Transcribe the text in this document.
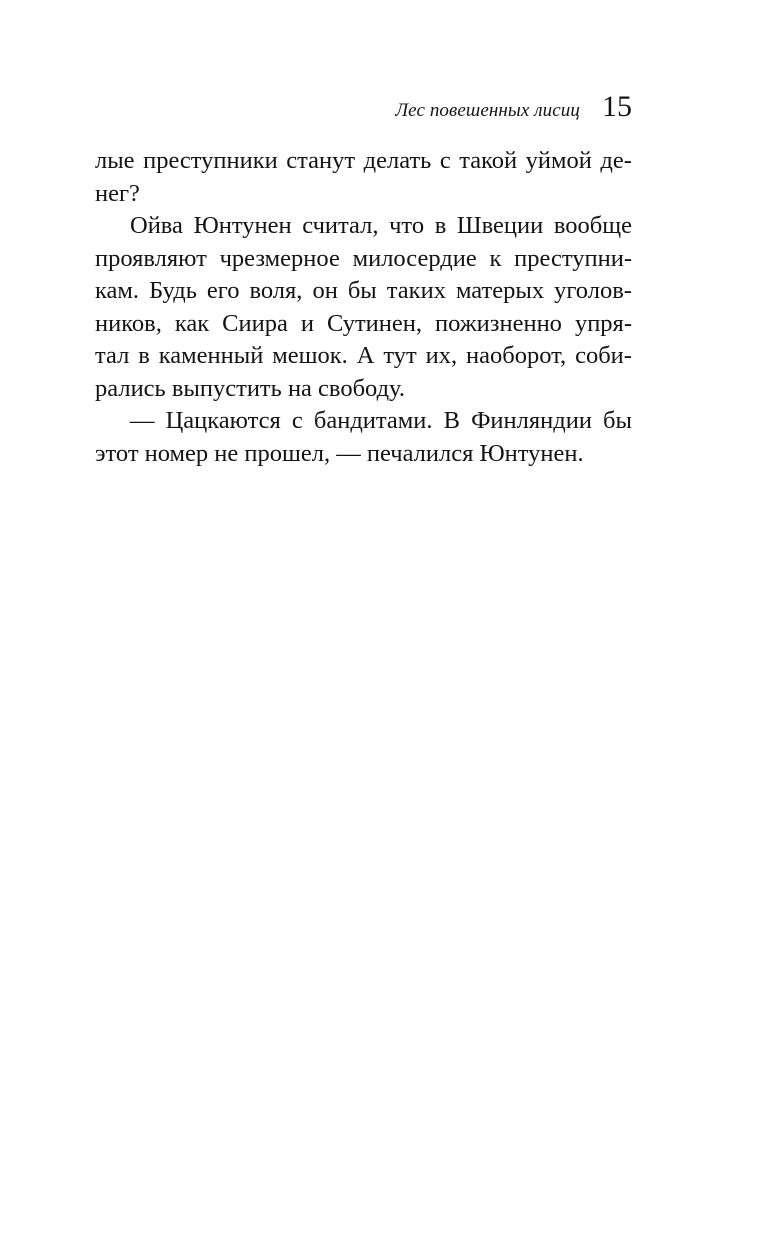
Лес повешенных лисиц 15
лые преступники станут делать с такой уймой де-
нег?
Ойва Юнтунен считал, что в Швеции вообще
проявляют чрезмерное милосердие к преступни-
кам. Будь его воля, он бы таких матерых уголов-
ников, как Сиира и Сутинен, пожизненно упря-
тал в каменный мешок. А тут их, наоборот, соби-
рались выпустить на свободу.
— Цацкаются с бандитами. В Финляндии бы
этот номер не прошел, — печалился Юнтунен.
